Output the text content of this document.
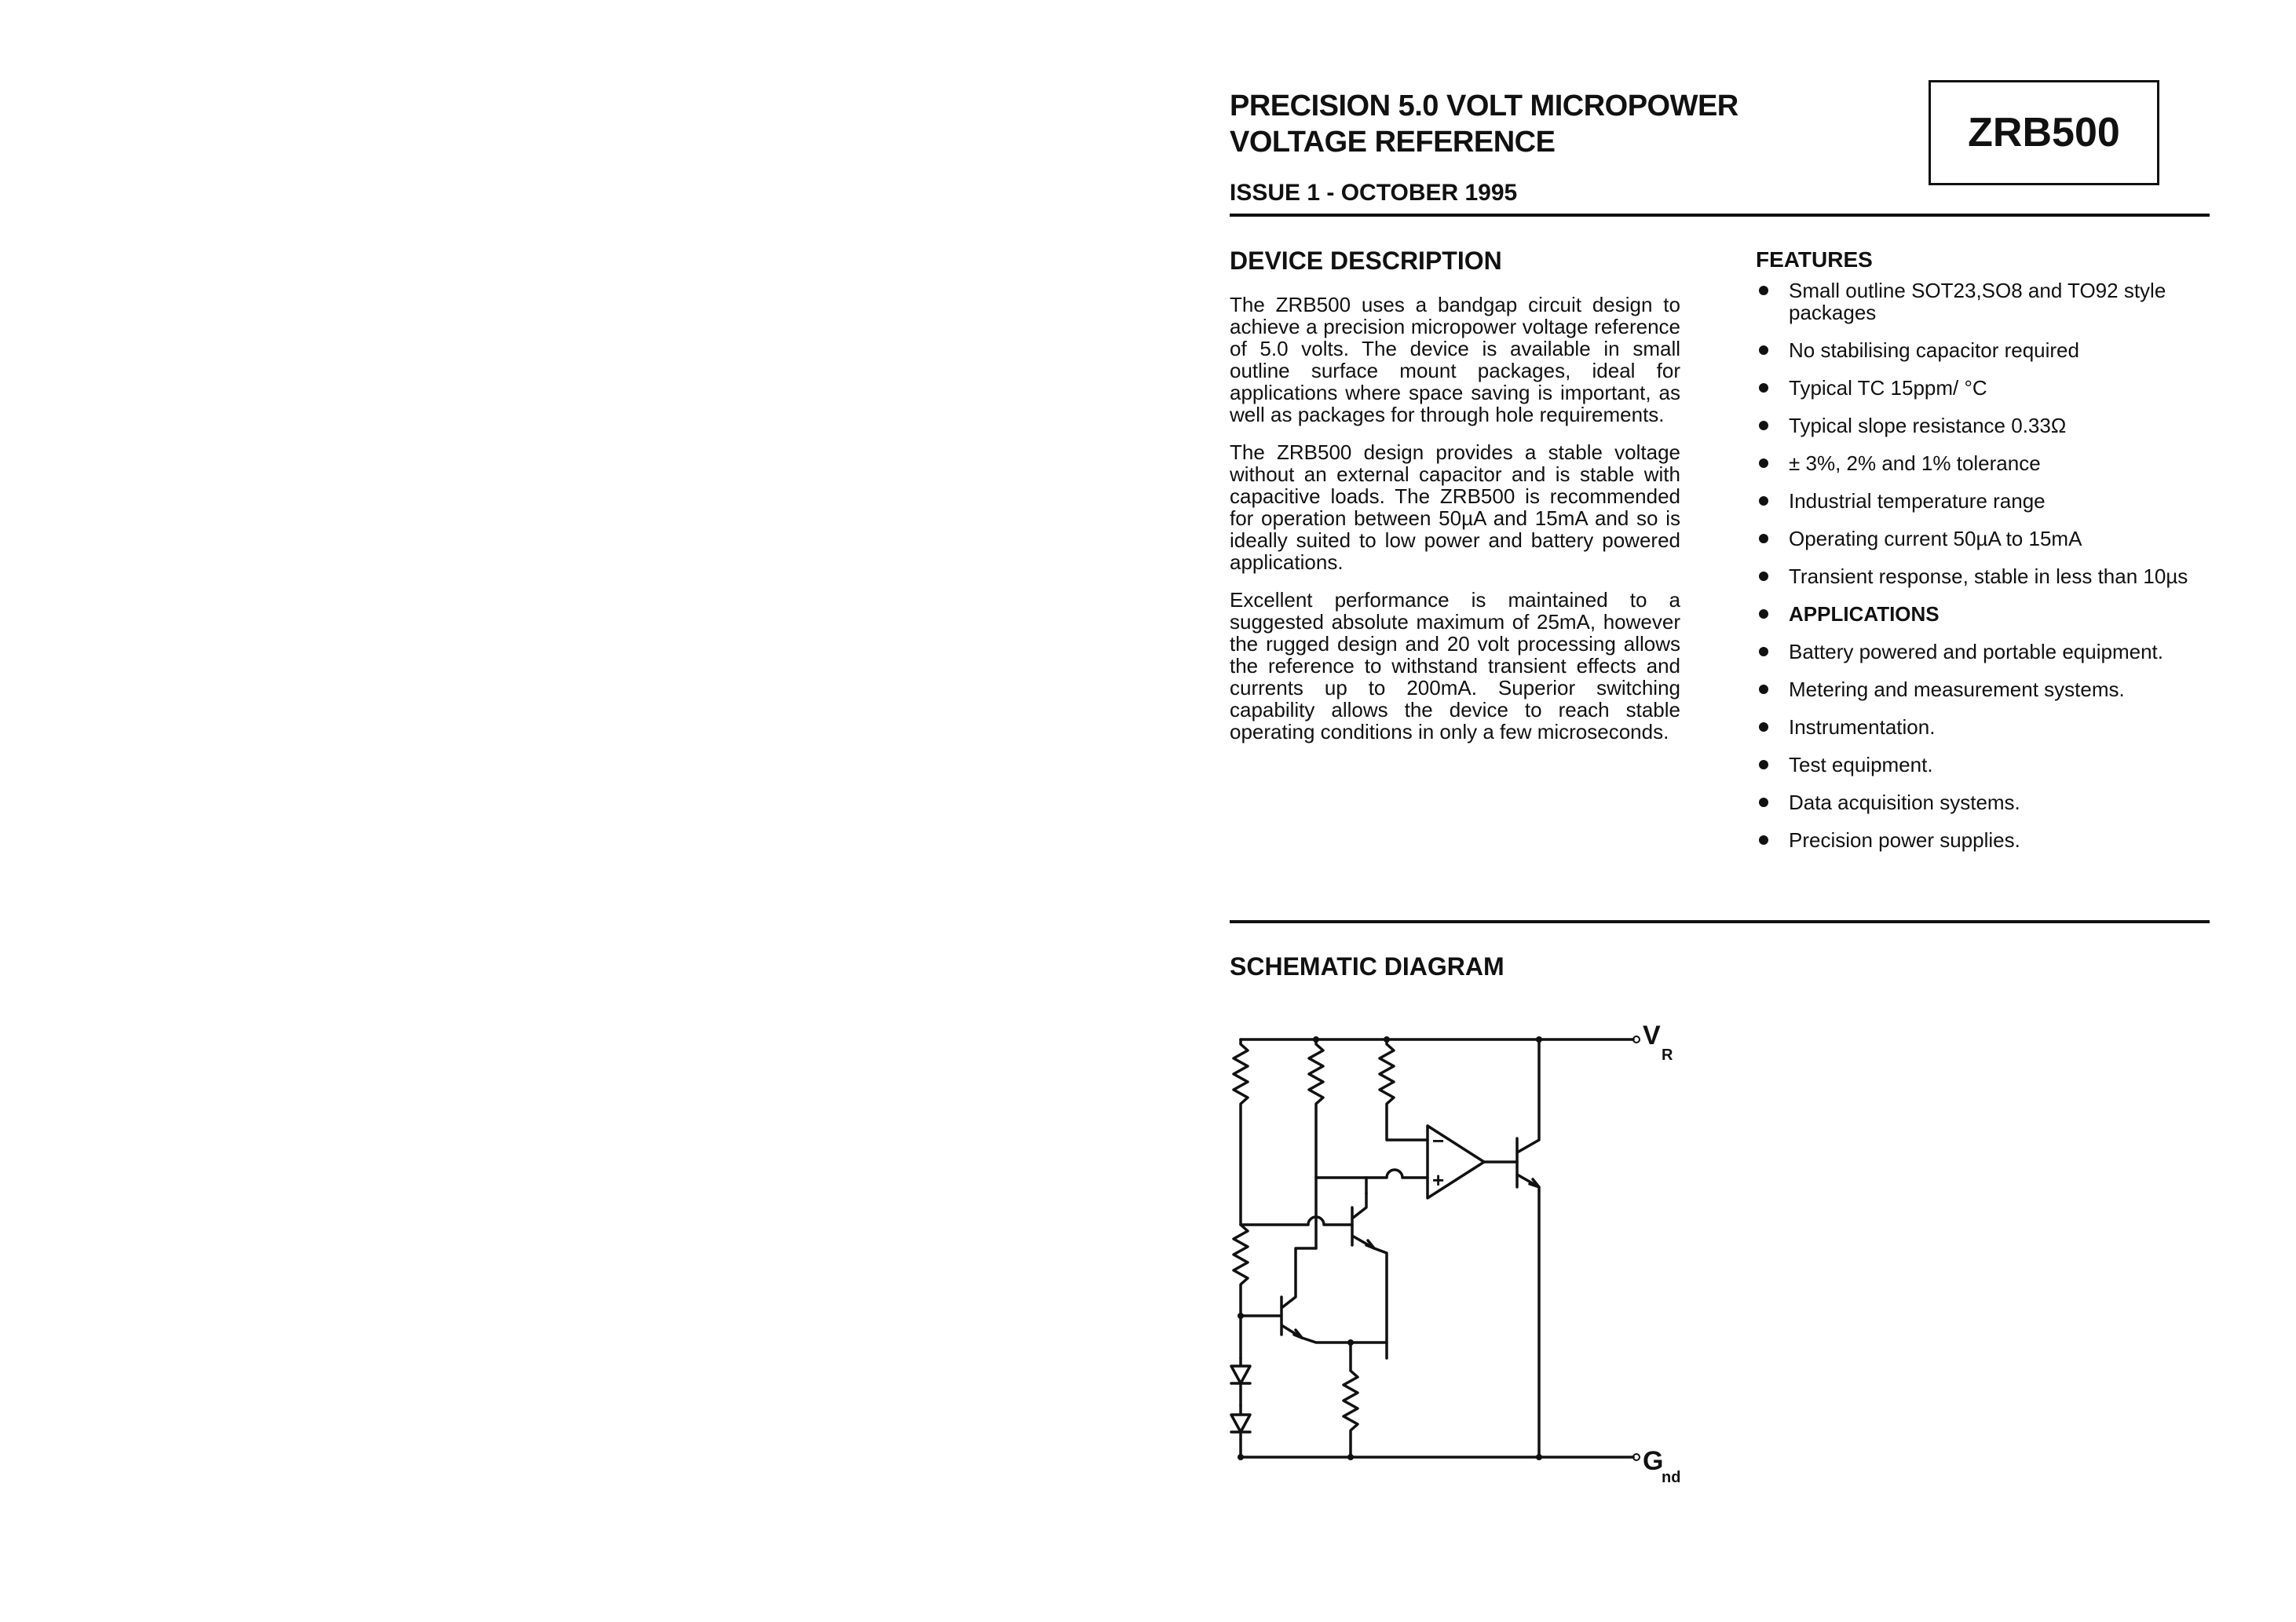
PRECISION 5.0 VOLT MICROPOWER
VOLTAGE REFERENCE
ISSUE 1 - OCTOBER 1995
ZRB500
DEVICE DESCRIPTION

The ZRB500 uses a bandgap circuit design to achieve a precision micropower voltage reference of 5.0 volts. The device is available in small outline surface mount packages, ideal for applications where space saving is important, as well as packages for through hole requirements.

The ZRB500 design provides a stable voltage without an external capacitor and is stable with capacitive loads. The ZRB500 is recommended for operation between 50µA and 15mA and so is ideally suited to low power and battery powered applications.

Excellent performance is maintained to a suggested absolute maximum of 25mA, however the rugged design and 20 volt processing allows the reference to withstand transient effects and currents up to 200mA. Superior switching capability allows the device to reach stable operating conditions in only a few microseconds.

FEATURES
Small outline SOT23,SO8 and TO92 style packages
No stabilising capacitor required
Typical TC 15ppm/ °C
Typical slope resistance 0.33Ω
± 3%, 2% and 1% tolerance
Industrial temperature range
Operating current 50µA to 15mA
Transient response, stable in less than 10µs
APPLICATIONS
Battery powered and portable equipment.
Metering and measurement systems.
Instrumentation.
Test equipment.
Data acquisition systems.
Precision power supplies.
SCHEMATIC DIAGRAM
V
R
G
nd
−
+
